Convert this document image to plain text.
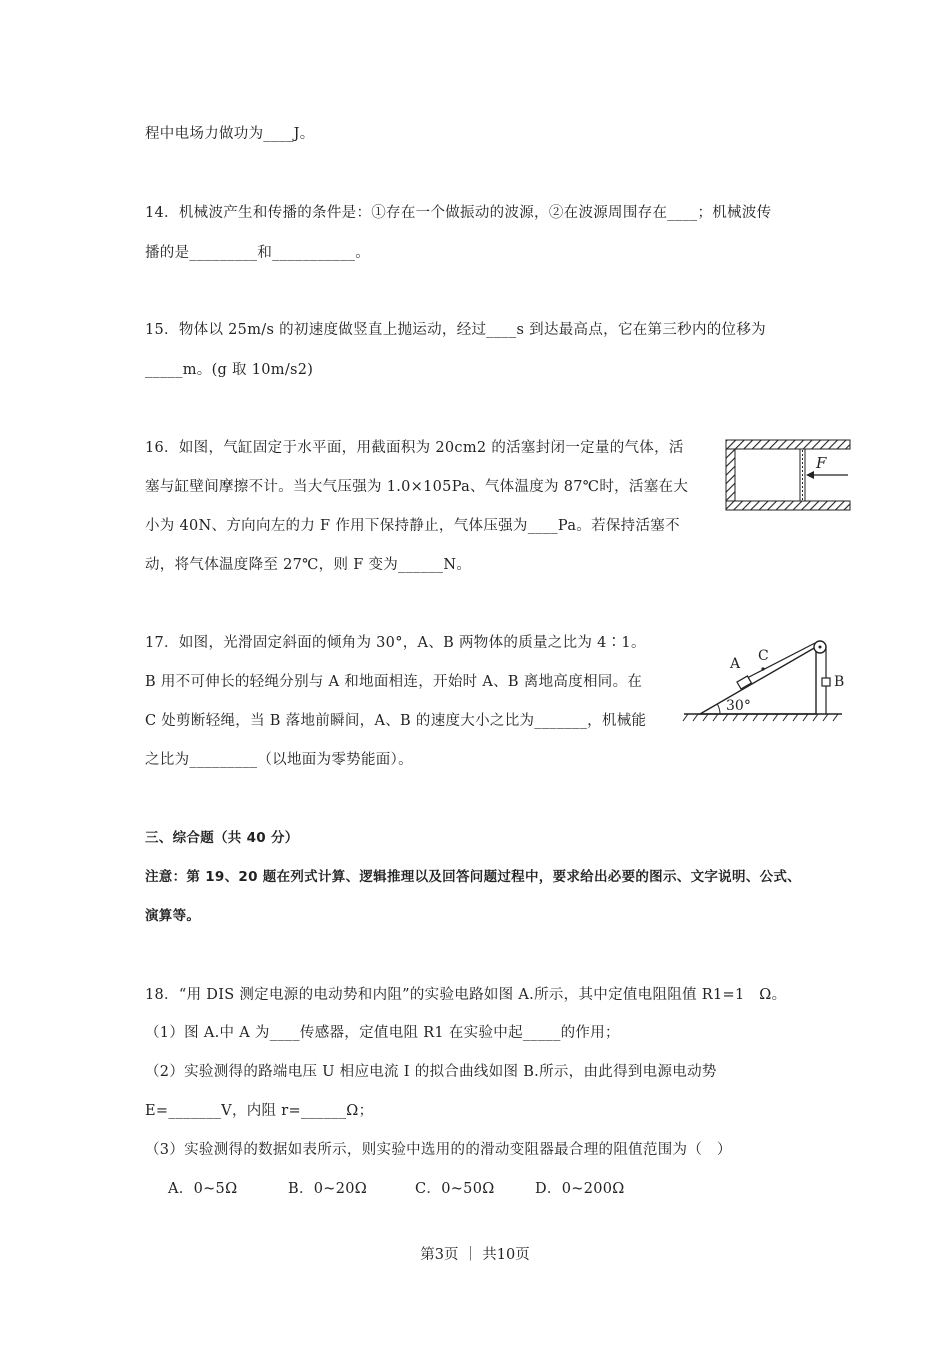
程中电场力做功为____J。

14．机械波产生和传播的条件是：①存在一个做振动的波源，②在波源周围存在____；机械波传

播的是_________和___________。

15．物体以 25m/s 的初速度做竖直上抛运动，经过____s 到达最高点，它在第三秒内的位移为

_____m。(g 取 10m/s2)

16．如图，气缸固定于水平面，用截面积为 20cm2 的活塞封闭一定量的气体，活

塞与缸壁间摩擦不计。当大气压强为 1.0×105Pa、气体温度为 87℃时，活塞在大

小为 40N、方向向左的力 F 作用下保持静止，气体压强为____Pa。若保持活塞不

动，将气体温度降至 27℃，则 F 变为______N。

F

17．如图，光滑固定斜面的倾角为 30°，A、B 两物体的质量之比为 4∶1。

B 用不可伸长的轻绳分别与 A 和地面相连，开始时 A、B 离地高度相同。在

C 处剪断轻绳，当 B 落地前瞬间，A、B 的速度大小之比为_______，机械能

之比为_________（以地面为零势能面）。

30°
A C
B

三、综合题（共 40 分）

注意：第 19、20 题在列式计算、逻辑推理以及回答问题过程中，要求给出必要的图示、文字说明、公式、

演算等。

18．“用 DIS 测定电源的电动势和内阻”的实验电路如图 A.所示，其中定值电阻阻值 R1=1　Ω。

（1）图 A.中 A 为____传感器，定值电阻 R1 在实验中起_____的作用；

（2）实验测得的路端电压 U 相应电流 I 的拟合曲线如图 B.所示，由此得到电源电动势

E=_______V，内阻 r=______Ω；

（3）实验测得的数据如表所示，则实验中选用的的滑动变阻器最合理的阻值范围为（　）

A．0~5Ω	B．0~20Ω	C．0~50Ω	D．0~200Ω

第3页 ｜ 共10页
